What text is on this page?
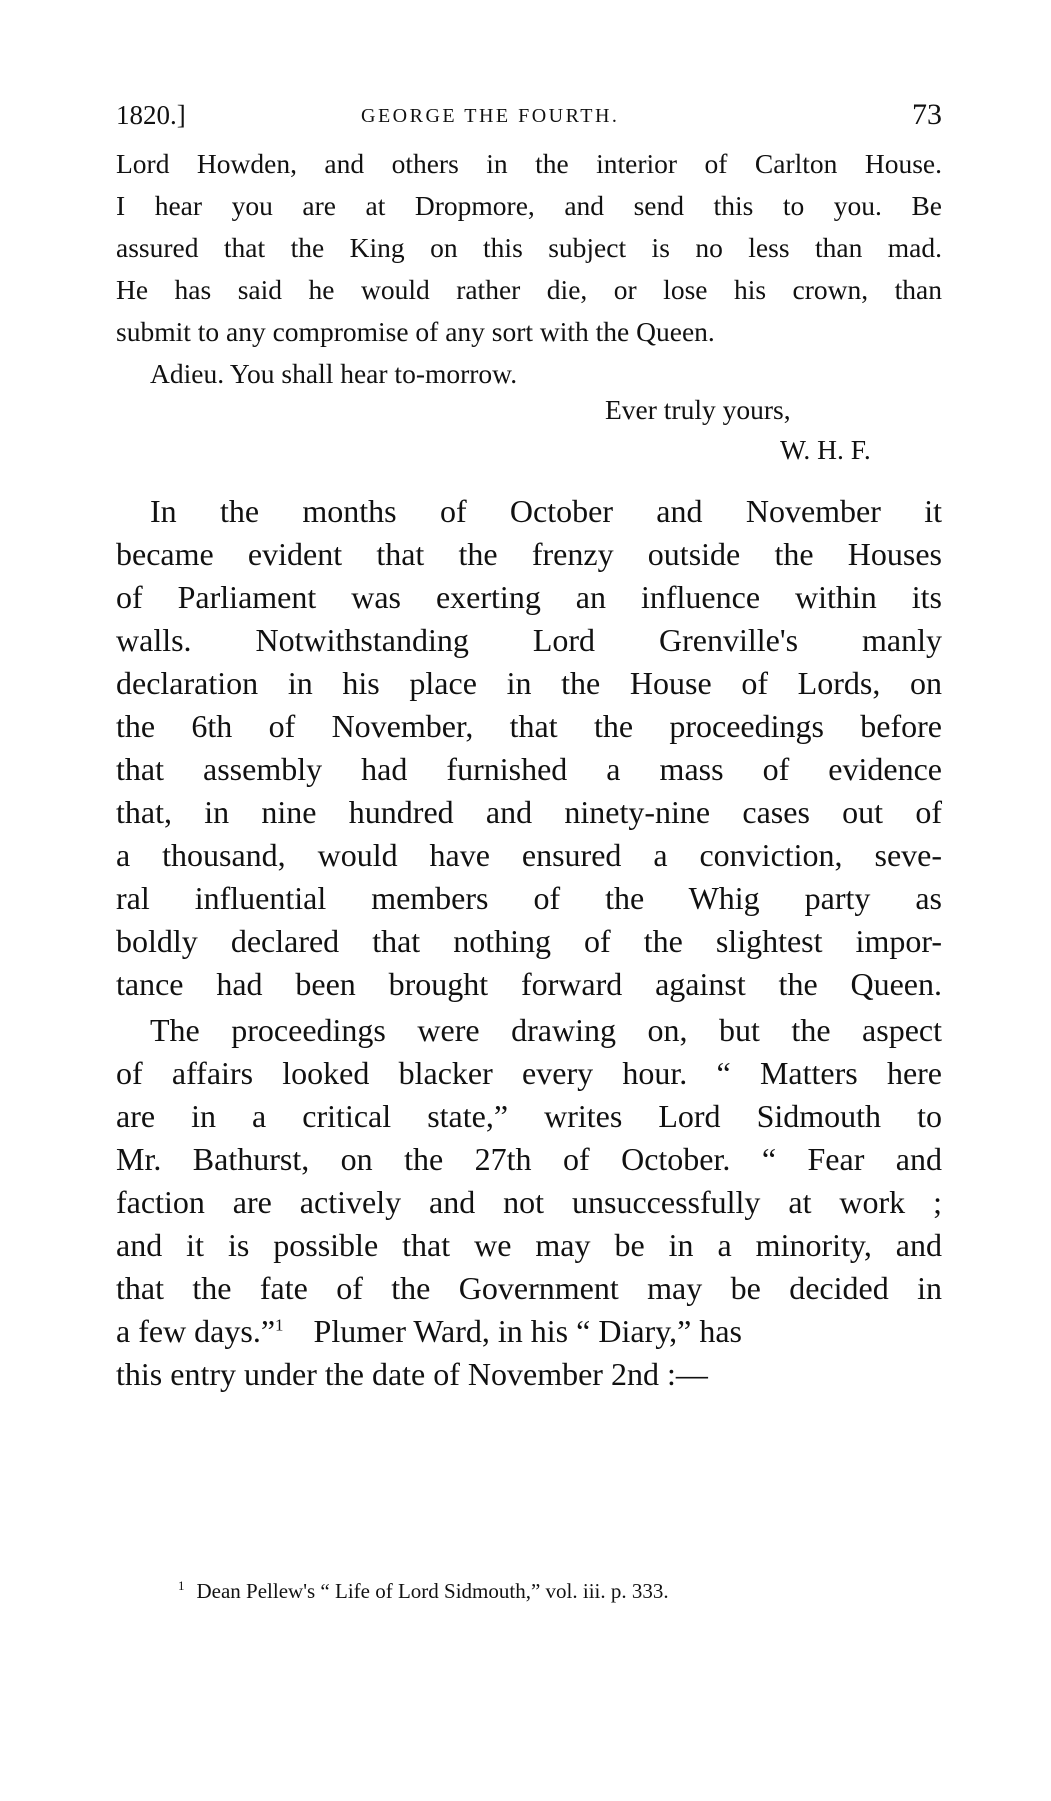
1820.]	GEORGE THE FOURTH.	73
Lord Howden, and others in the interior of Carlton House.
I hear you are at Dropmore, and send this to you. Be
assured that the King on this subject is no less than mad.
He has said he would rather die, or lose his crown, than
submit to any compromise of any sort with the Queen.
Adieu. You shall hear to-morrow.
Ever truly yours,
W. H. F.
In the months of October and November it
became evident that the frenzy outside the Houses
of Parliament was exerting an influence within its
walls. Notwithstanding Lord Grenville's manly
declaration in his place in the House of Lords, on
the 6th of November, that the proceedings before
that assembly had furnished a mass of evidence
that, in nine hundred and ninety-nine cases out of
a thousand, would have ensured a conviction, seve-
ral influential members of the Whig party as
boldly declared that nothing of the slightest impor-
tance had been brought forward against the Queen.
The proceedings were drawing on, but the aspect
of affairs looked blacker every hour. “ Matters here
are in a critical state,” writes Lord Sidmouth to
Mr. Bathurst, on the 27th of October. “ Fear and
faction are actively and not unsuccessfully at work ;
and it is possible that we may be in a minority, and
that the fate of the Government may be decided in
a few days.”$^1$ Plumer Ward, in his “ Diary,” has
this entry under the date of November 2nd :—
$^1$ Dean Pellew's “ Life of Lord Sidmouth,” vol. iii. p. 333.
